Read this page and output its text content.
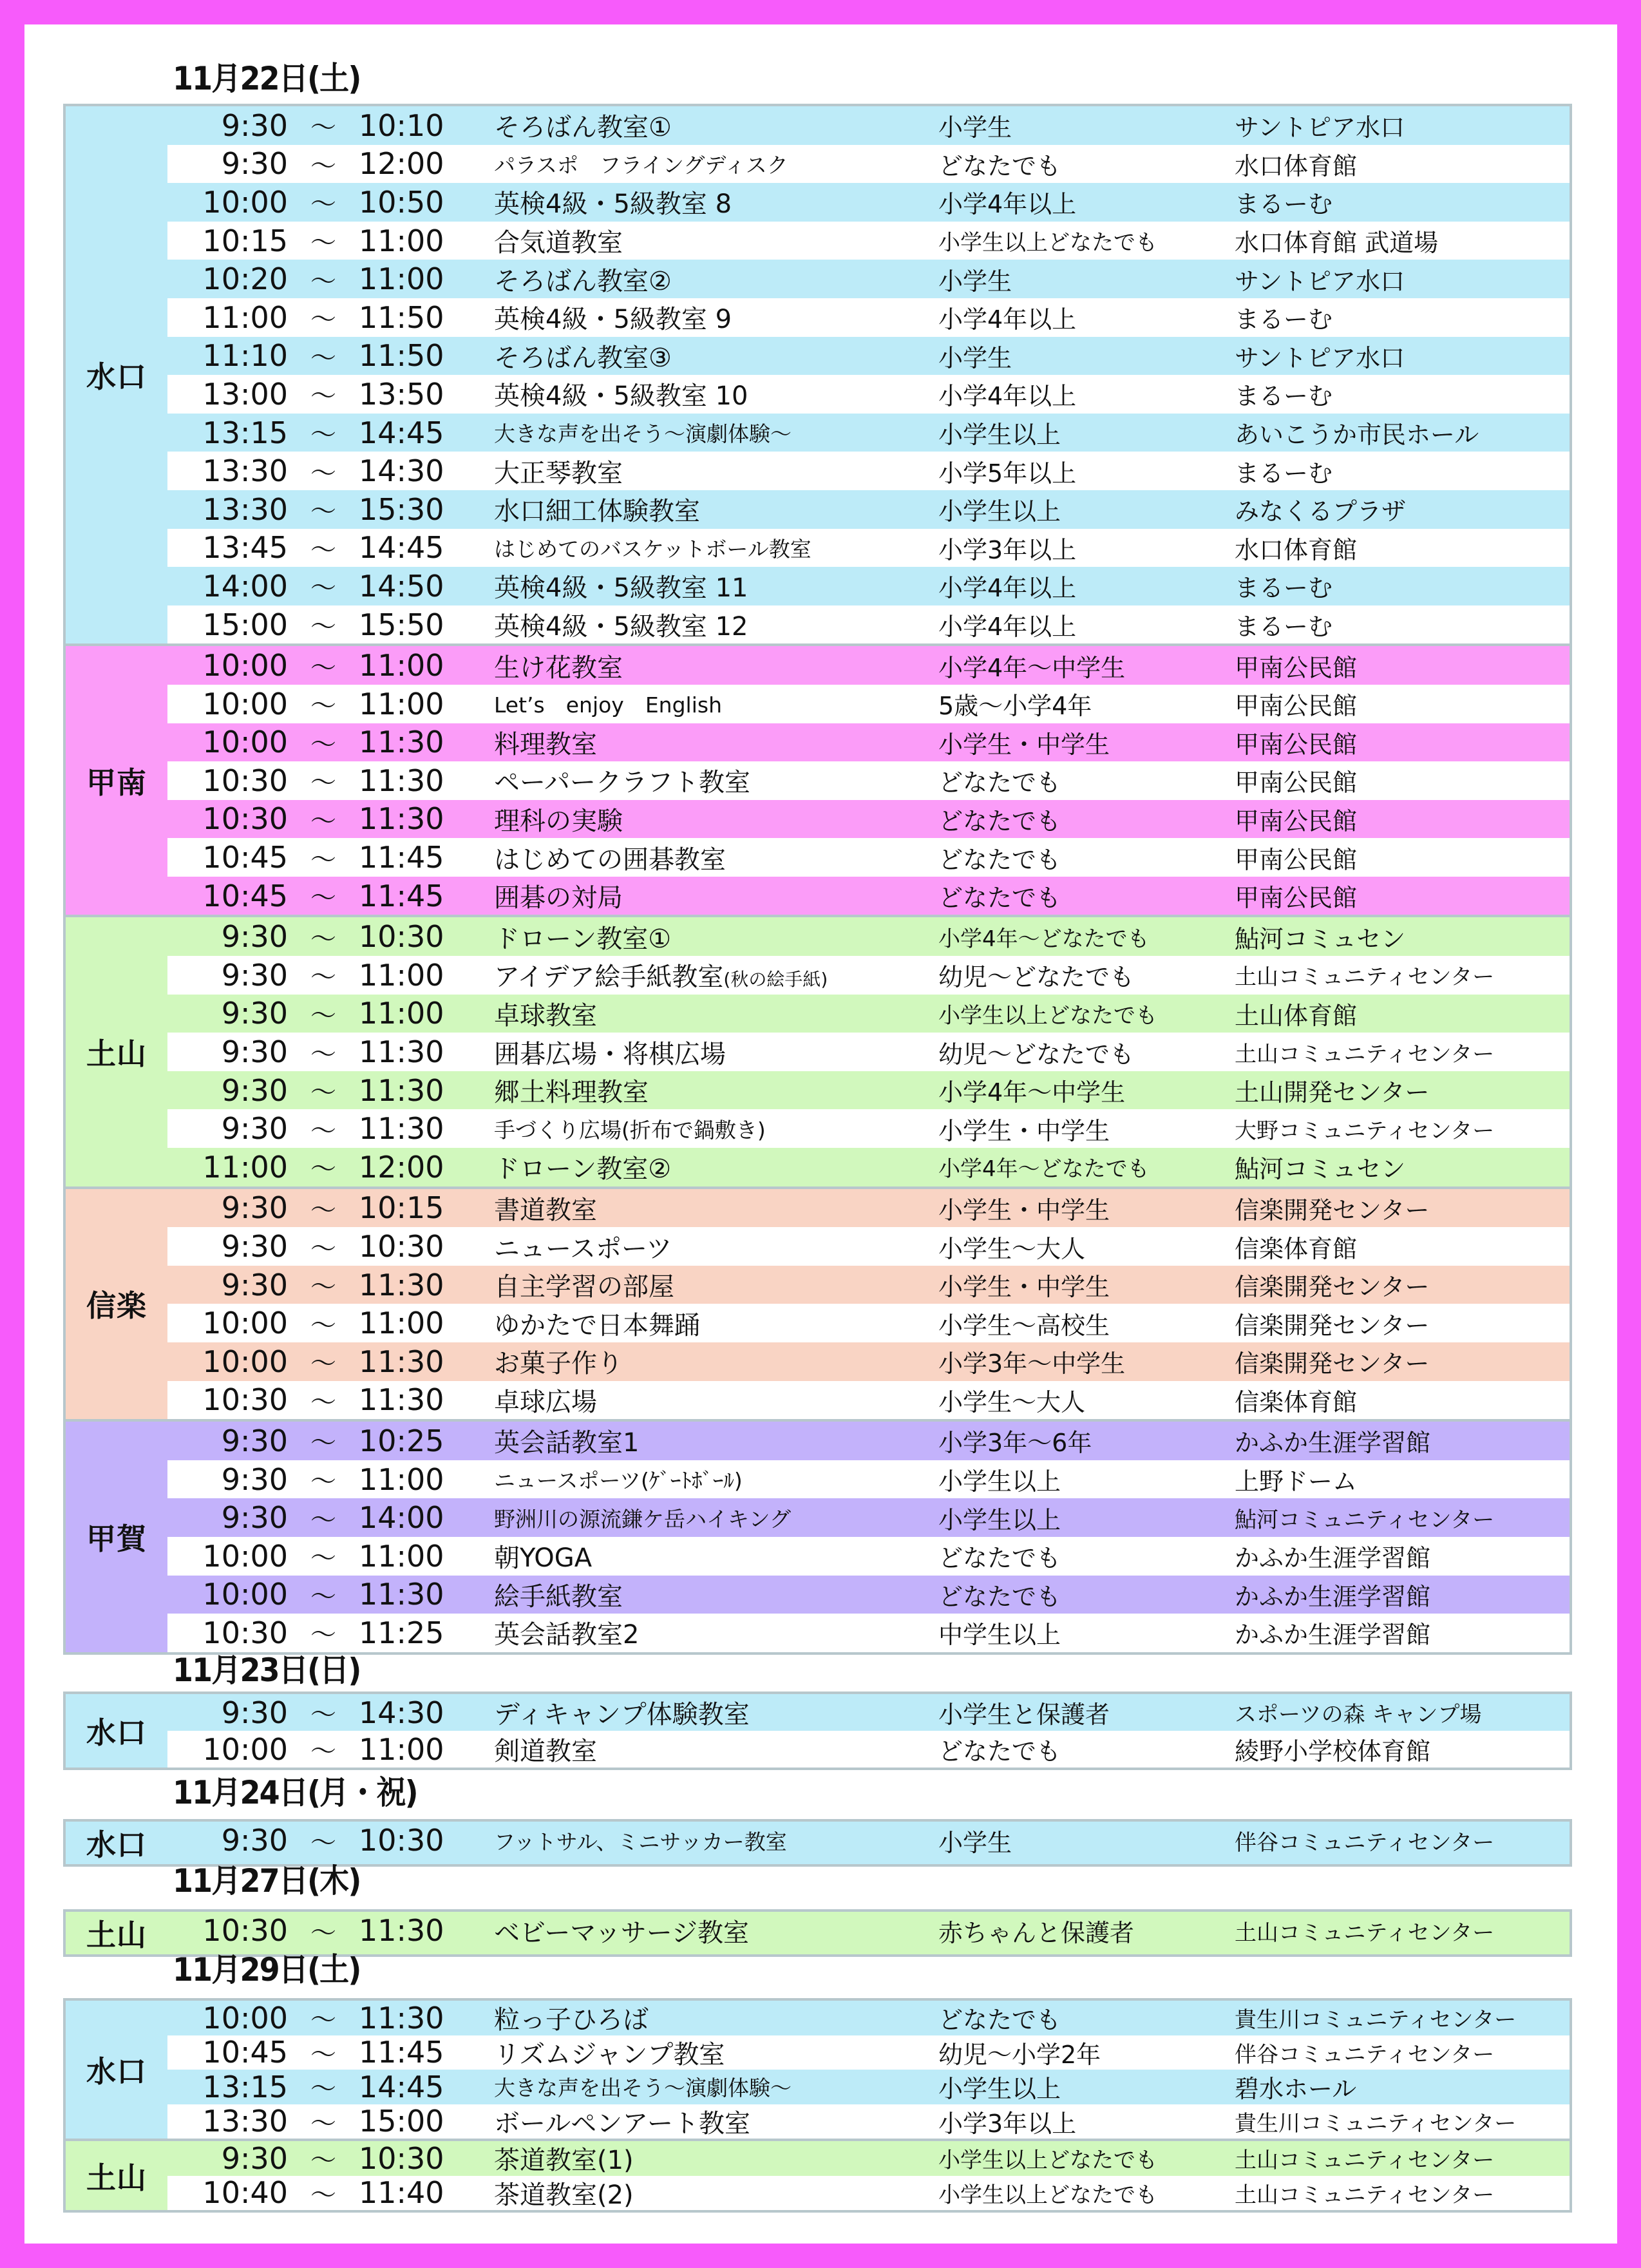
11月22日(土)
水口
9:30 ～ 10:10	そろばん教室①	小学生	サントピア水口
9:30 ～ 12:00	パラスポ　フライングディスク	どなたでも	水口体育館
10:00 ～ 10:50	英検4級・5級教室 8	小学4年以上	まるーむ
10:15 ～ 11:00	合気道教室	小学生以上どなたでも	水口体育館 武道場
10:20 ～ 11:00	そろばん教室②	小学生	サントピア水口
11:00 ～ 11:50	英検4級・5級教室 9	小学4年以上	まるーむ
11:10 ～ 11:50	そろばん教室③	小学生	サントピア水口
13:00 ～ 13:50	英検4級・5級教室 10	小学4年以上	まるーむ
13:15 ～ 14:45	大きな声を出そう～演劇体験～	小学生以上	あいこうか市民ホール
13:30 ～ 14:30	大正琴教室	小学5年以上	まるーむ
13:30 ～ 15:30	水口細工体験教室	小学生以上	みなくるプラザ
13:45 ～ 14:45	はじめてのバスケットボール教室	小学3年以上	水口体育館
14:00 ～ 14:50	英検4級・5級教室 11	小学4年以上	まるーむ
15:00 ～ 15:50	英検4級・5級教室 12	小学4年以上	まるーむ
甲南
10:00 ～ 11:00	生け花教室	小学4年～中学生	甲南公民館
10:00 ～ 11:00	Let’s　enjoy　English	5歳～小学4年	甲南公民館
10:00 ～ 11:30	料理教室	小学生・中学生	甲南公民館
10:30 ～ 11:30	ペーパークラフト教室	どなたでも	甲南公民館
10:30 ～ 11:30	理科の実験	どなたでも	甲南公民館
10:45 ～ 11:45	はじめての囲碁教室	どなたでも	甲南公民館
10:45 ～ 11:45	囲碁の対局	どなたでも	甲南公民館
土山
9:30 ～ 10:30	ドローン教室①	小学4年～どなたでも	鮎河コミュセン
9:30 ～ 11:00	アイデア絵手紙教室(秋の絵手紙)	幼児～どなたでも	土山コミュニティセンター
9:30 ～ 11:00	卓球教室	小学生以上どなたでも	土山体育館
9:30 ～ 11:30	囲碁広場・将棋広場	幼児～どなたでも	土山コミュニティセンター
9:30 ～ 11:30	郷土料理教室	小学4年～中学生	土山開発センター
9:30 ～ 11:30	手づくり広場(折布で鍋敷き)	小学生・中学生	大野コミュニティセンター
11:00 ～ 12:00	ドローン教室②	小学4年～どなたでも	鮎河コミュセン
信楽
9:30 ～ 10:15	書道教室	小学生・中学生	信楽開発センター
9:30 ～ 10:30	ニュースポーツ	小学生～大人	信楽体育館
9:30 ～ 11:30	自主学習の部屋	小学生・中学生	信楽開発センター
10:00 ～ 11:00	ゆかたで日本舞踊	小学生～高校生	信楽開発センター
10:00 ～ 11:30	お菓子作り	小学3年～中学生	信楽開発センター
10:30 ～ 11:30	卓球広場	小学生～大人	信楽体育館
甲賀
9:30 ～ 10:25	英会話教室1	小学3年～6年	かふか生涯学習館
9:30 ～ 11:00	ニュースポーツ(ｹﾞｰﾄﾎﾞｰﾙ)	小学生以上	上野ドーム
9:30 ～ 14:00	野洲川の源流鎌ケ岳ハイキング	小学生以上	鮎河コミュニティセンター
10:00 ～ 11:00	朝YOGA	どなたでも	かふか生涯学習館
10:00 ～ 11:30	絵手紙教室	どなたでも	かふか生涯学習館
10:30 ～ 11:25	英会話教室2	中学生以上	かふか生涯学習館
11月23日(日)
水口
9:30 ～ 14:30	ディキャンプ体験教室	小学生と保護者	スポーツの森 キャンプ場
10:00 ～ 11:00	剣道教室	どなたでも	綾野小学校体育館
11月24日(月・祝)
水口	9:30 ～ 10:30	フットサル、ミニサッカー教室	小学生	伴谷コミュニティセンター
11月27日(木)
土山	10:30 ～ 11:30	ベビーマッサージ教室	赤ちゃんと保護者	土山コミュニティセンター
11月29日(土)
水口
10:00 ～ 11:30	粒っ子ひろば	どなたでも	貴生川コミュニティセンター
10:45 ～ 11:45	リズムジャンプ教室	幼児～小学2年	伴谷コミュニティセンター
13:15 ～ 14:45	大きな声を出そう～演劇体験～	小学生以上	碧水ホール
13:30 ～ 15:00	ボールペンアート教室	小学3年以上	貴生川コミュニティセンター
土山
9:30 ～ 10:30	茶道教室(1)	小学生以上どなたでも	土山コミュニティセンター
10:40 ～ 11:40	茶道教室(2)	小学生以上どなたでも	土山コミュニティセンター
